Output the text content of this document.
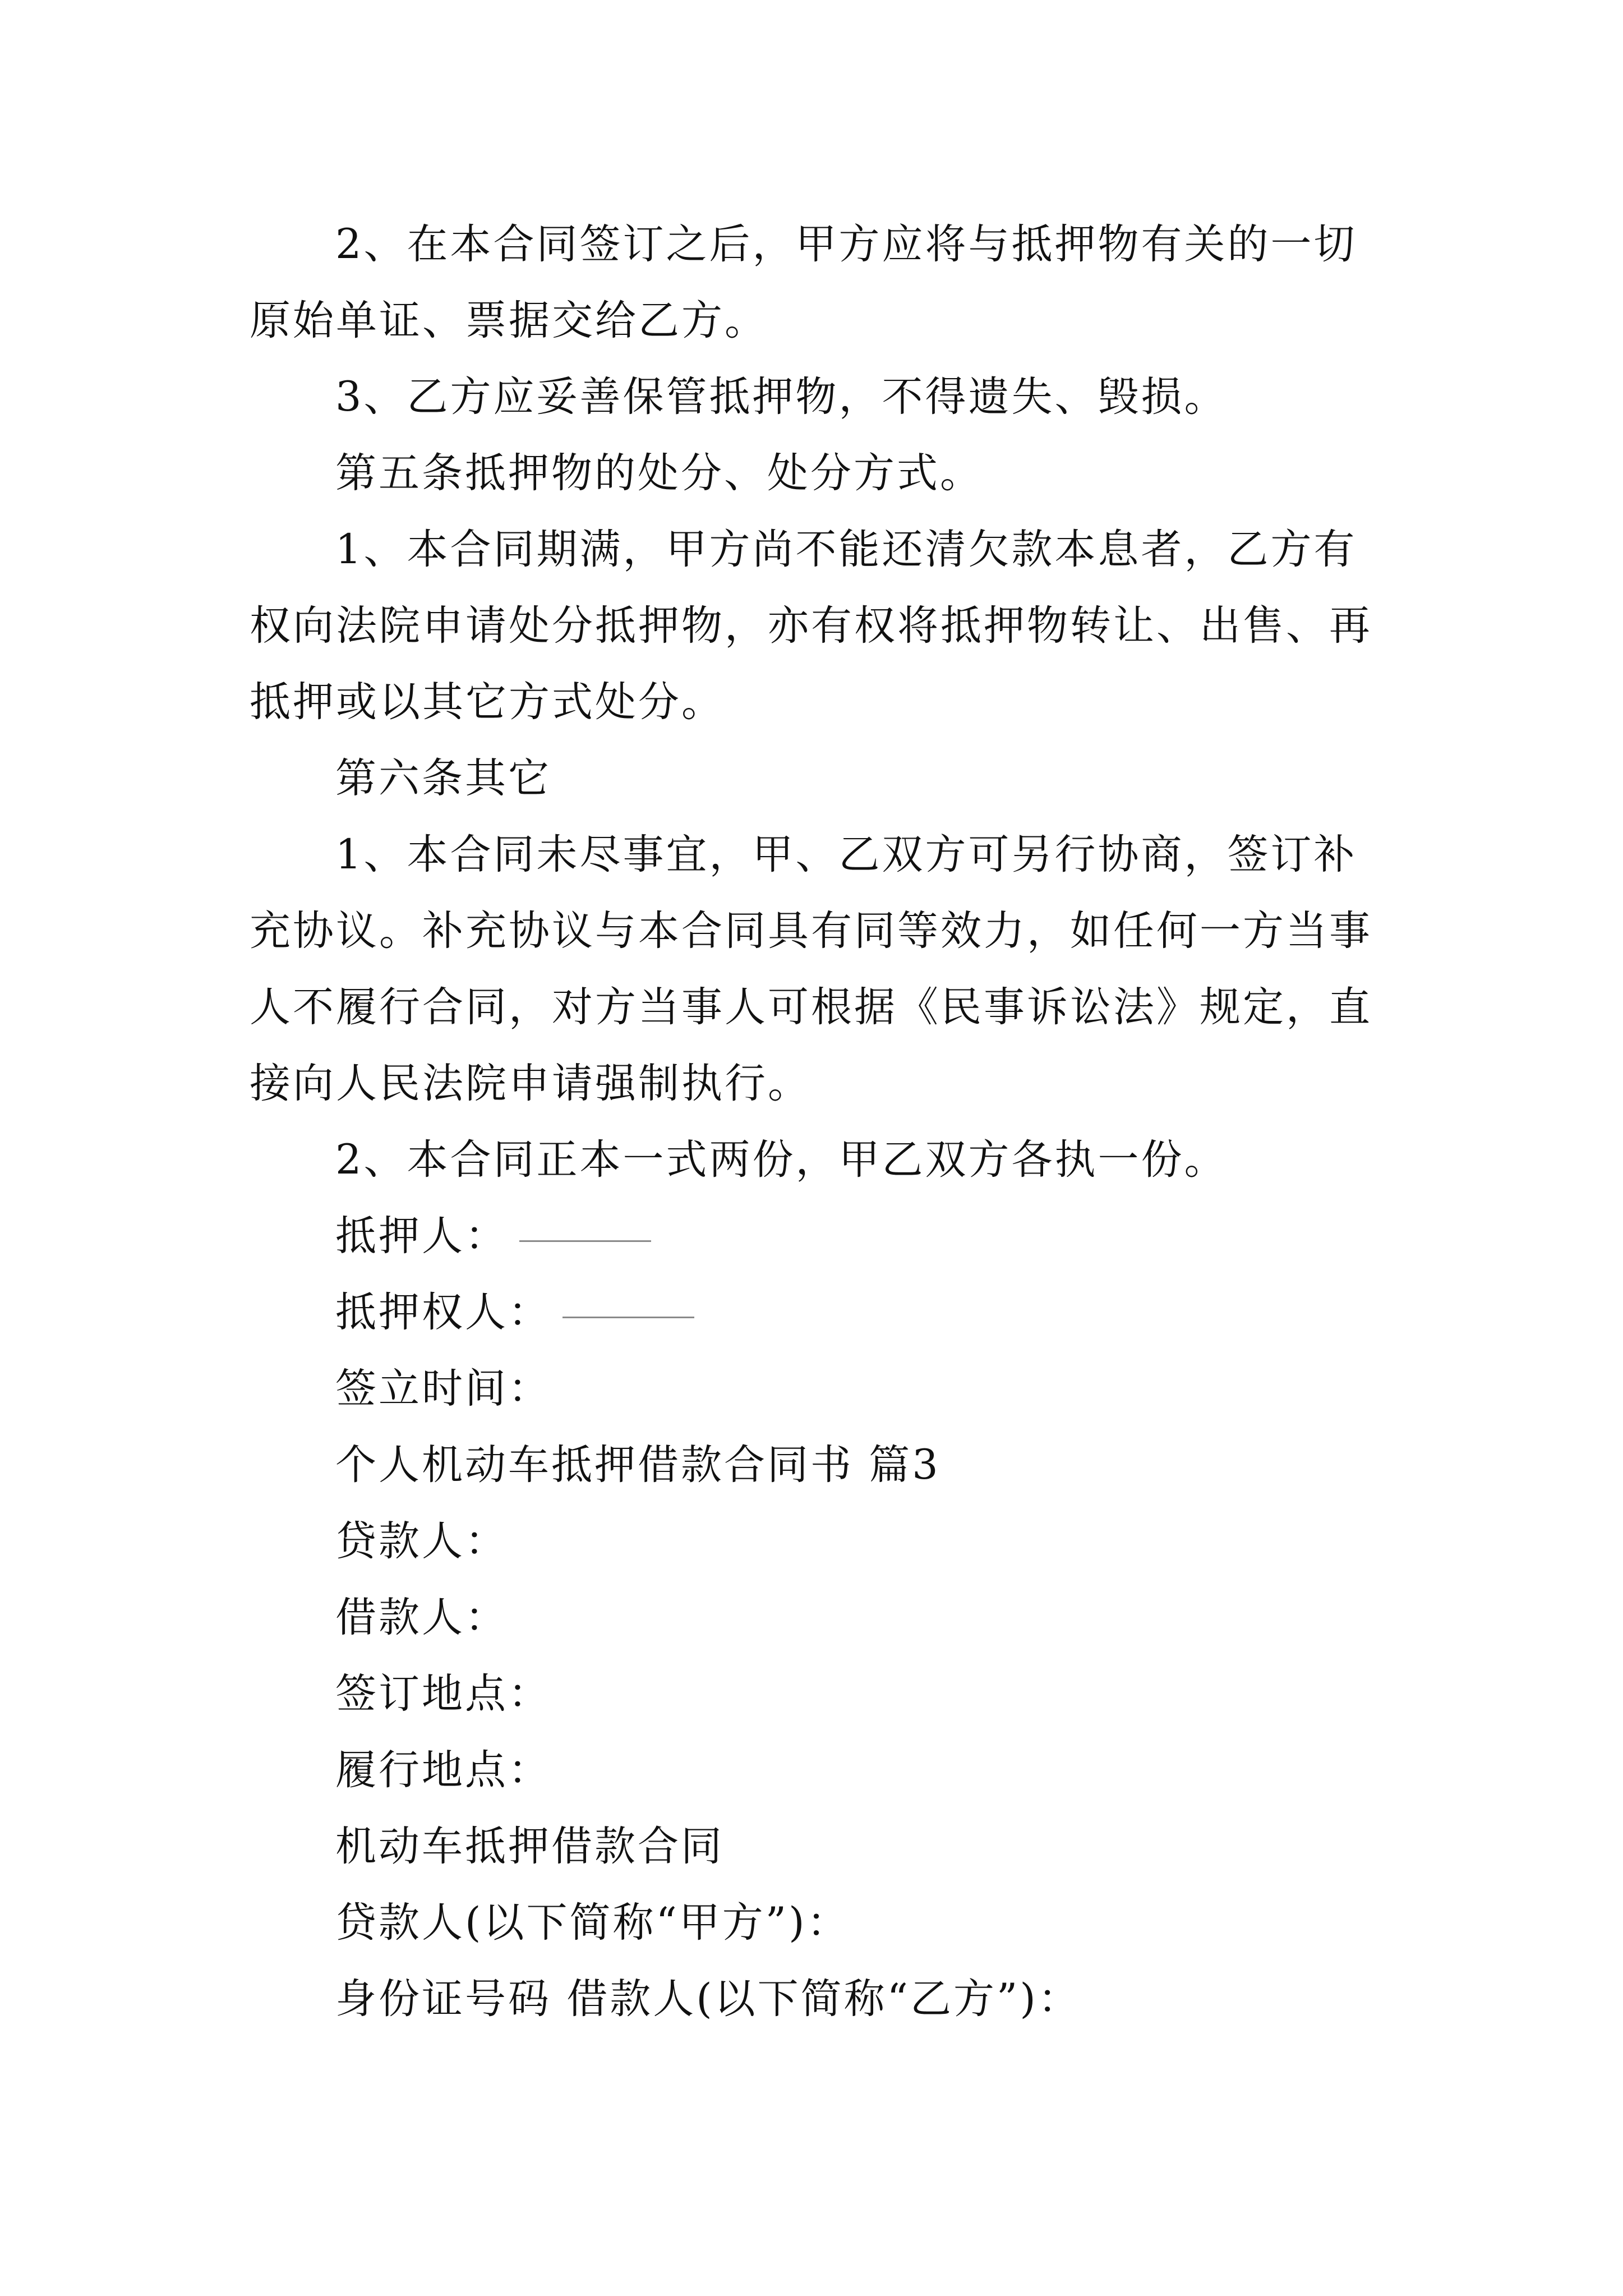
2、在本合同签订之后，甲方应将与抵押物有关的一切

原始单证、票据交给乙方。

3、乙方应妥善保管抵押物，不得遗失、毁损。

第五条抵押物的处分、处分方式。

1、本合同期满，甲方尚不能还清欠款本息者，乙方有

权向法院申请处分抵押物，亦有权将抵押物转让、出售、再

抵押或以其它方式处分。

第六条其它

1、本合同未尽事宜，甲、乙双方可另行协商，签订补

充协议。补充协议与本合同具有同等效力，如任何一方当事

人不履行合同，对方当事人可根据《民事诉讼法》规定，直

接向人民法院申请强制执行。

2、本合同正本一式两份，甲乙双方各执一份。

抵押人：

抵押权人：

签立时间：

个人机动车抵押借款合同书 篇3

贷款人：

借款人：

签订地点：

履行地点：

机动车抵押借款合同

贷款人(以下简称“甲方”)：

身份证号码 借款人(以下简称“乙方”)：
